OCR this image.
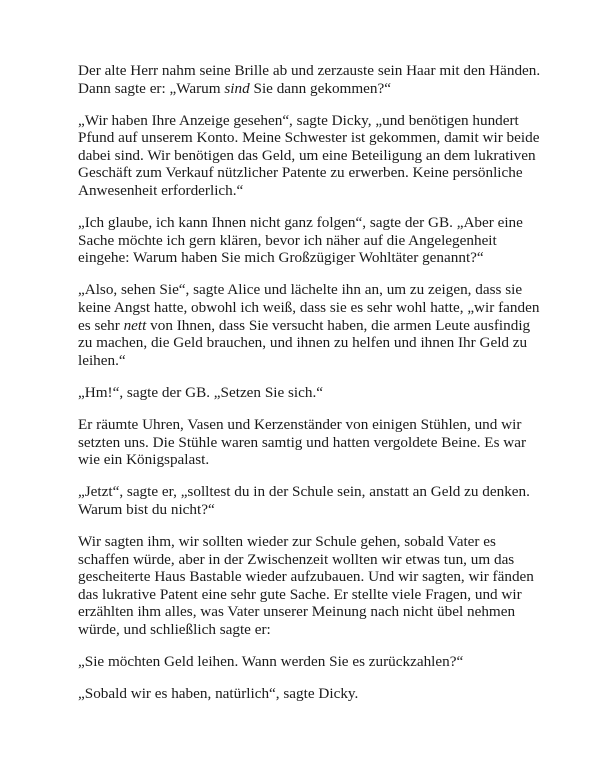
Der alte Herr nahm seine Brille ab und zerzauste sein Haar mit den Händen. Dann sagte er: „Warum sind Sie dann gekommen?“

„Wir haben Ihre Anzeige gesehen“, sagte Dicky, „und benötigen hundert Pfund auf unserem Konto. Meine Schwester ist gekommen, damit wir beide dabei sind. Wir benötigen das Geld, um eine Beteiligung an dem lukrativen Geschäft zum Verkauf nützlicher Patente zu erwerben. Keine persönliche Anwesenheit erforderlich.“

„Ich glaube, ich kann Ihnen nicht ganz folgen“, sagte der GB. „Aber eine Sache möchte ich gern klären, bevor ich näher auf die Angelegenheit eingehe: Warum haben Sie mich Großzügiger Wohltäter genannt?“

„Also, sehen Sie“, sagte Alice und lächelte ihn an, um zu zeigen, dass sie keine Angst hatte, obwohl ich weiß, dass sie es sehr wohl hatte, „wir fanden es sehr nett von Ihnen, dass Sie versucht haben, die armen Leute ausfindig zu machen, die Geld brauchen, und ihnen zu helfen und ihnen Ihr Geld zu leihen.“

„Hm!“, sagte der GB. „Setzen Sie sich.“

Er räumte Uhren, Vasen und Kerzenständer von einigen Stühlen, und wir setzten uns. Die Stühle waren samtig und hatten vergoldete Beine. Es war wie ein Königspalast.

„Jetzt“, sagte er, „solltest du in der Schule sein, anstatt an Geld zu denken. Warum bist du nicht?“

Wir sagten ihm, wir sollten wieder zur Schule gehen, sobald Vater es schaffen würde, aber in der Zwischenzeit wollten wir etwas tun, um das gescheiterte Haus Bastable wieder aufzubauen. Und wir sagten, wir fänden das lukrative Patent eine sehr gute Sache. Er stellte viele Fragen, und wir erzählten ihm alles, was Vater unserer Meinung nach nicht übel nehmen würde, und schließlich sagte er:

„Sie möchten Geld leihen. Wann werden Sie es zurückzahlen?“

„Sobald wir es haben, natürlich“, sagte Dicky.
